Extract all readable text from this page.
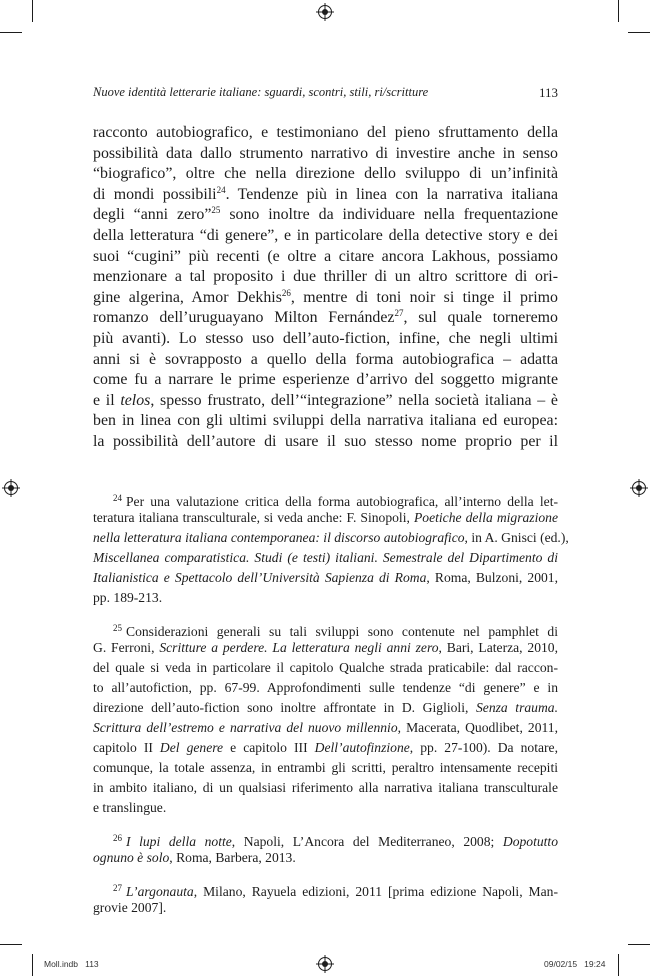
Nuove identità letterarie italiane: sguardi, scontri, stili, ri/scritture	113
racconto autobiografico, e testimoniano del pieno sfruttamento della
possibilità data dallo strumento narrativo di investire anche in senso
“biografico”, oltre che nella direzione dello sviluppo di un’infinità
di mondi possibili$^{24}$. Tendenze più in linea con la narrativa italiana
degli “anni zero”$^{25}$ sono inoltre da individuare nella frequentazione
della letteratura “di genere”, e in particolare della detective story e dei
suoi “cugini” più recenti (e oltre a citare ancora Lakhous, possiamo
menzionare a tal proposito i due thriller di un altro scrittore di ori-
gine algerina, Amor Dekhis$^{26}$, mentre di toni noir si tinge il primo
romanzo dell’uruguayano Milton Fernández$^{27}$, sul quale torneremo
più avanti). Lo stesso uso dell’auto-fiction, infine, che negli ultimi
anni si è sovrapposto a quello della forma autobiografica – adatta
come fu a narrare le prime esperienze d’arrivo del soggetto migrante
e il telos, spesso frustrato, dell’“integrazione” nella società italiana – è
ben in linea con gli ultimi sviluppi della narrativa italiana ed europea:
la possibilità dell’autore di usare il suo stesso nome proprio per il
$^{24}$ Per una valutazione critica della forma autobiografica, all’interno della let-
teratura italiana transculturale, si veda anche: F. Sinopoli, Poetiche della migrazione
nella letteratura italiana contemporanea: il discorso autobiografico, in A. Gnisci (ed.),
Miscellanea comparatistica. Studi (e testi) italiani. Semestrale del Dipartimento di
Italianistica e Spettacolo dell’Università Sapienza di Roma, Roma, Bulzoni, 2001,
pp. 189-213.
$^{25}$ Considerazioni generali su tali sviluppi sono contenute nel pamphlet di
G. Ferroni, Scritture a perdere. La letteratura negli anni zero, Bari, Laterza, 2010,
del quale si veda in particolare il capitolo Qualche strada praticabile: dal raccon-
to all’autofiction, pp. 67-99. Approfondimenti sulle tendenze “di genere” e in
direzione dell’auto-fiction sono inoltre affrontate in D. Giglioli, Senza trauma.
Scrittura dell’estremo e narrativa del nuovo millennio, Macerata, Quodlibet, 2011,
capitolo II Del genere e capitolo III Dell’autofinzione, pp. 27-100). Da notare,
comunque, la totale assenza, in entrambi gli scritti, peraltro intensamente recepiti
in ambito italiano, di un qualsiasi riferimento alla narrativa italiana transculturale
e translingue.
$^{26}$ I lupi della notte, Napoli, L’Ancora del Mediterraneo, 2008; Dopotutto
ognuno è solo, Roma, Barbera, 2013.
$^{27}$ L’argonauta, Milano, Rayuela edizioni, 2011 [prima edizione Napoli, Man-
grovie 2007].
Moll.indb   113	09/02/15   19:24
